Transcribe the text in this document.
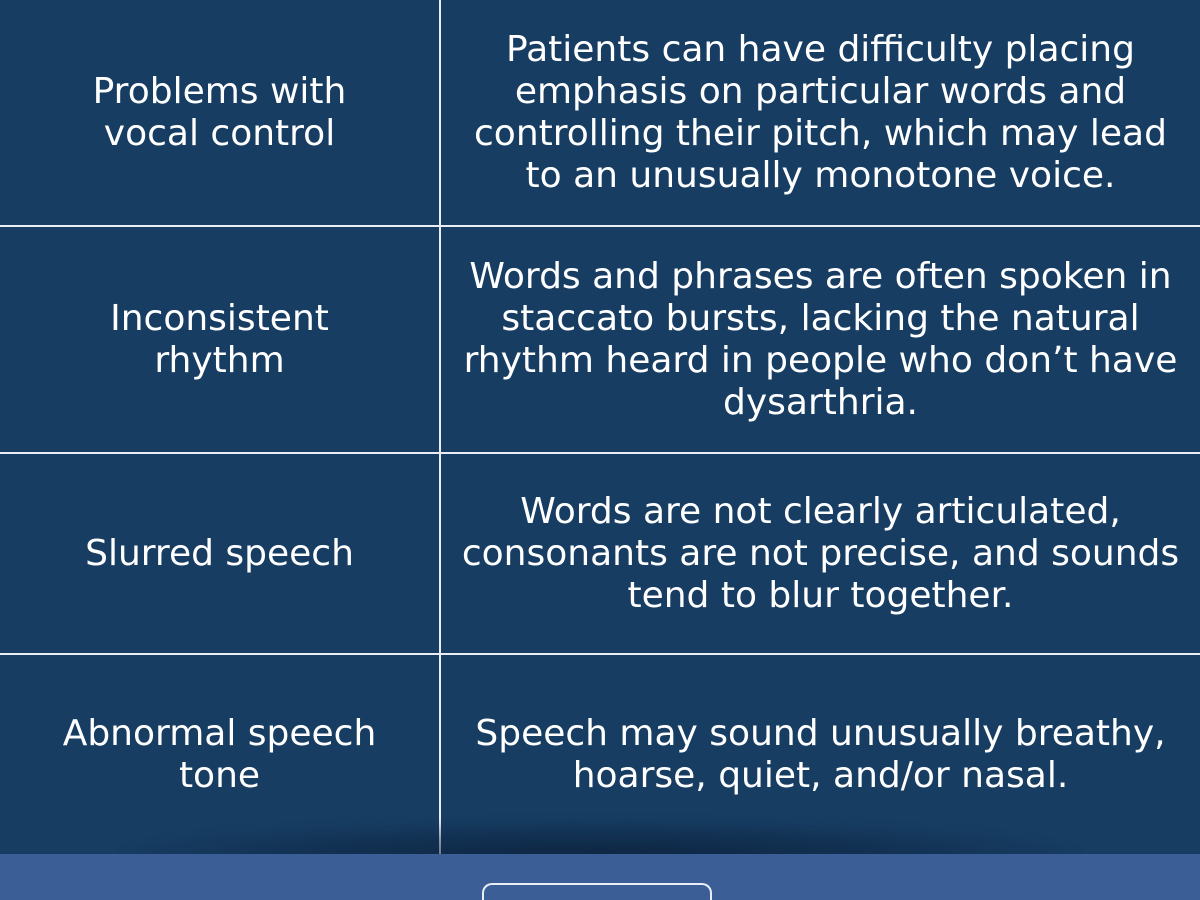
Problems with vocal control
Patients can have difficulty placing emphasis on particular words and controlling their pitch, which may lead to an unusually monotone voice.
Inconsistent rhythm
Words and phrases are often spoken in staccato bursts, lacking the natural rhythm heard in people who don’t have dysarthria.
Slurred speech
Words are not clearly articulated, consonants are not precise, and sounds tend to blur together.
Abnormal speech tone
Speech may sound unusually breathy, hoarse, quiet, and/or nasal.
